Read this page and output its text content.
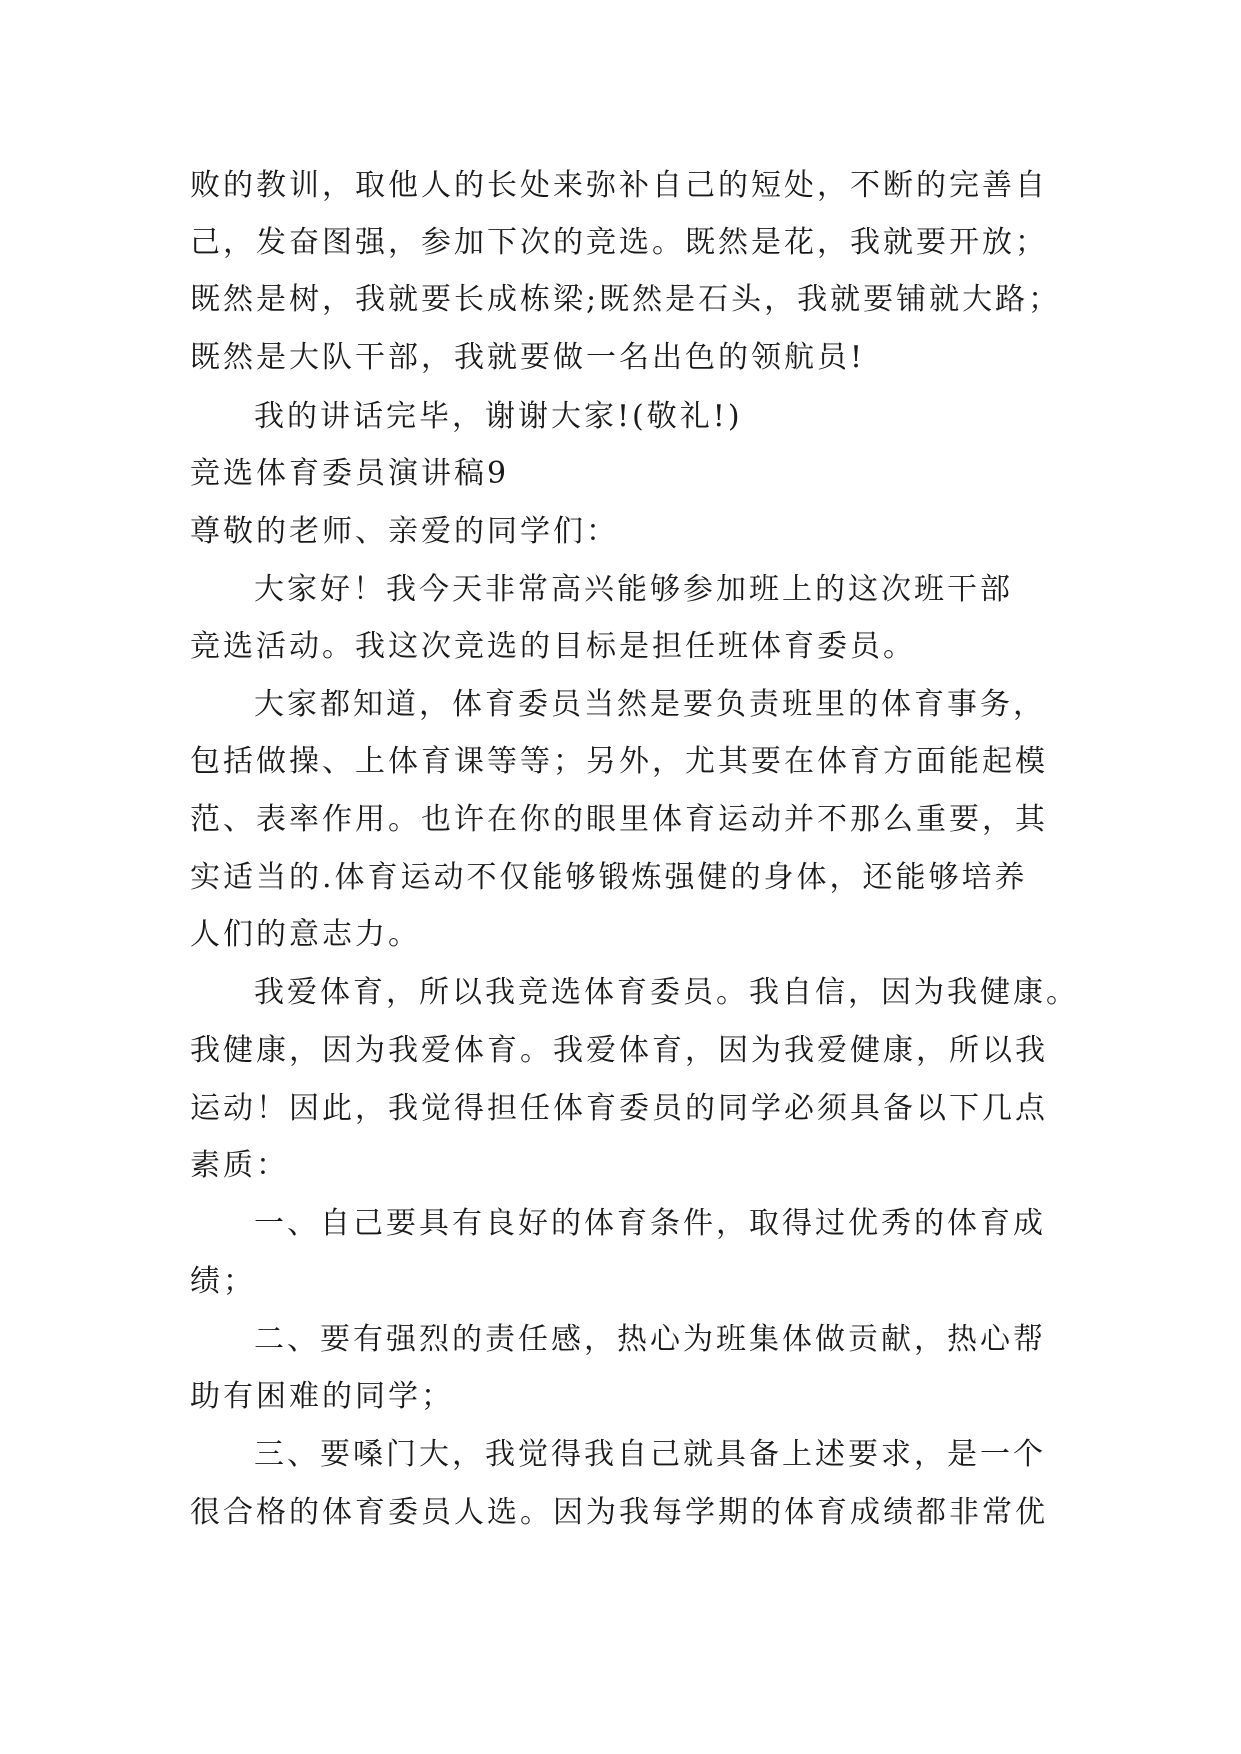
败的教训，取他人的长处来弥补自己的短处，不断的完善自
己，发奋图强，参加下次的竞选。既然是花，我就要开放；
既然是树，我就要长成栋梁;既然是石头，我就要铺就大路；
既然是大队干部，我就要做一名出色的领航员!
我的讲话完毕，谢谢大家!(敬礼!)
竞选体育委员演讲稿9
尊敬的老师、亲爱的同学们：
大家好！我今天非常高兴能够参加班上的这次班干部
竞选活动。我这次竞选的目标是担任班体育委员。
大家都知道，体育委员当然是要负责班里的体育事务，
包括做操、上体育课等等；另外，尤其要在体育方面能起模
范、表率作用。也许在你的眼里体育运动并不那么重要，其
实适当的.体育运动不仅能够锻炼强健的身体，还能够培养
人们的意志力。
我爱体育，所以我竞选体育委员。我自信，因为我健康。
我健康，因为我爱体育。我爱体育，因为我爱健康，所以我
运动！因此，我觉得担任体育委员的同学必须具备以下几点
素质：
一、自己要具有良好的体育条件，取得过优秀的体育成
绩；
二、要有强烈的责任感，热心为班集体做贡献，热心帮
助有困难的同学；
三、要嗓门大，我觉得我自己就具备上述要求，是一个
很合格的体育委员人选。因为我每学期的体育成绩都非常优
